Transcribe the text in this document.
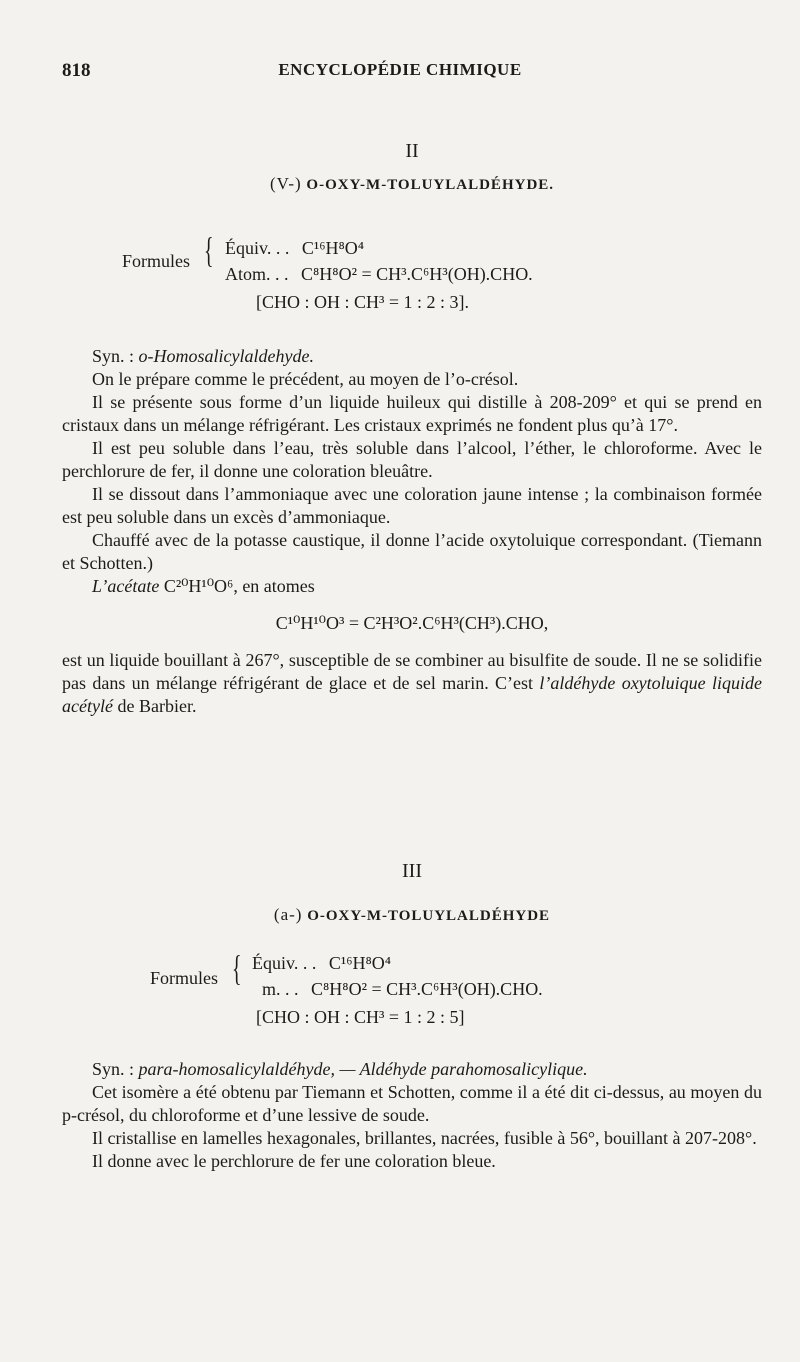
818	ENCYCLOPÉDIE CHIMIQUE
II
(V-) O-OXY-M-TOLUYLALDÉHYDE.
Formules { Équiv. . . C¹⁶H⁸O⁴
Atom. . . C⁸H⁸O² = CH³.C⁶H³(OH).CHO.
[CHO : OH : CH³ = 1 : 2 : 3].

Syn. : o-Homosalicylaldehyde.

On le prépare comme le précédent, au moyen de l’o-crésol.

Il se présente sous forme d’un liquide huileux qui distille à 208-209° et qui se prend en cristaux dans un mélange réfrigérant. Les cristaux exprimés ne fondent plus qu’à 17°.

Il est peu soluble dans l’eau, très soluble dans l’alcool, l’éther, le chloroforme. Avec le perchlorure de fer, il donne une coloration bleuâtre.

Il se dissout dans l’ammoniaque avec une coloration jaune intense ; la combinaison formée est peu soluble dans un excès d’ammoniaque.

Chauffé avec de la potasse caustique, il donne l’acide oxytoluique correspondant. (Tiemann et Schotten.)

L’acétate C²⁰H¹⁰O⁶, en atomes

C¹⁰H¹⁰O³ = C²H³O².C⁶H³(CH³).CHO,

est un liquide bouillant à 267°, susceptible de se combiner au bisulfite de soude. Il ne se solidifie pas dans un mélange réfrigérant de glace et de sel marin. C’est l’aldéhyde oxytoluique liquide acétylé de Barbier.

III
(a-) O-OXY-M-TOLUYLALDÉHYDE
Formules { Équiv. . . C¹⁶H⁸O⁴
m. . . C⁸H⁸O² = CH³.C⁶H³(OH).CHO.
[CHO : OH : CH³ = 1 : 2 : 5]

Syn. : para-homosalicylaldéhyde, — Aldéhyde parahomosalicylique.

Cet isomère a été obtenu par Tiemann et Schotten, comme il a été dit ci-dessus, au moyen du p-crésol, du chloroforme et d’une lessive de soude.

Il cristallise en lamelles hexagonales, brillantes, nacrées, fusible à 56°, bouillant à 207-208°.

Il donne avec le perchlorure de fer une coloration bleue.
